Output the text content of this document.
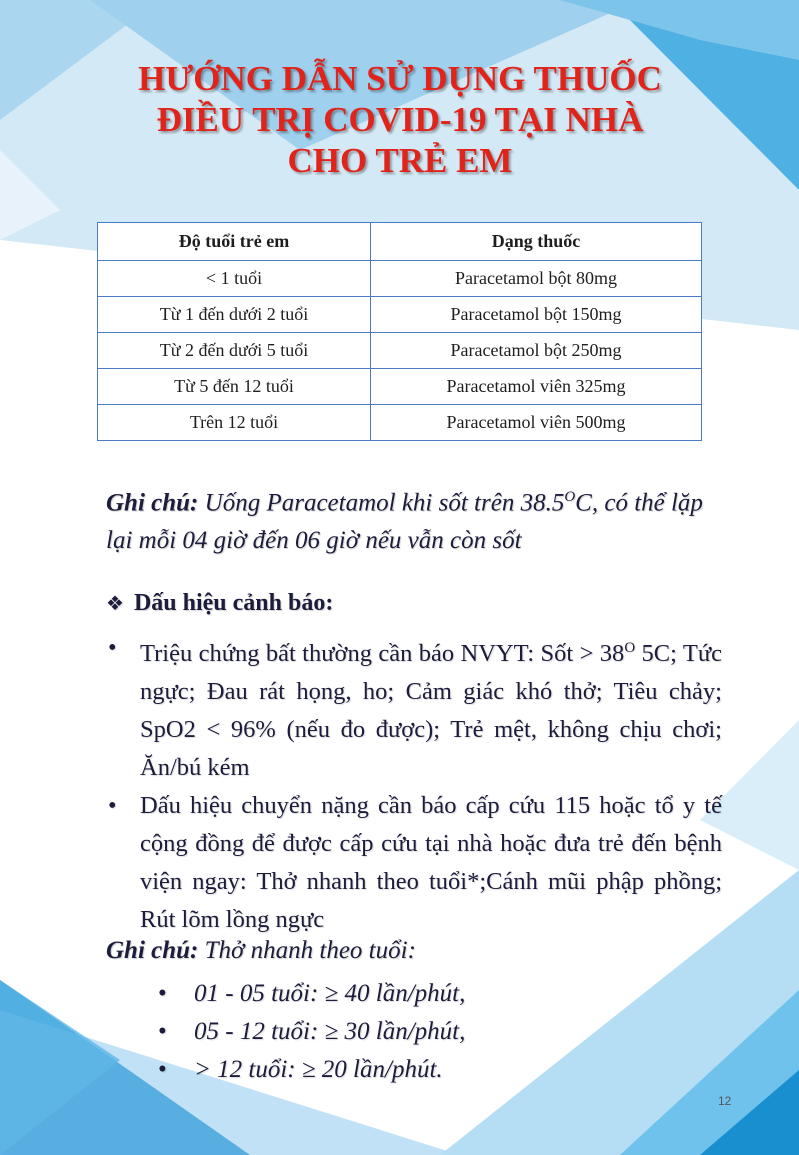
HƯỚNG DẪN SỬ DỤNG THUỐC
ĐIỀU TRỊ COVID-19 TẠI NHÀ
CHO TRẺ EM
Độ tuổi trẻ em	Dạng thuốc
< 1 tuổi	Paracetamol bột 80mg
Từ 1 đến dưới 2 tuổi	Paracetamol bột 150mg
Từ 2 đến dưới 5 tuổi	Paracetamol bột 250mg
Từ 5 đến 12 tuổi	Paracetamol viên 325mg
Trên 12 tuổi	Paracetamol viên 500mg

Ghi chú: Uống Paracetamol khi sốt trên $38.5^OC$, có thể lặp lại mỗi 04 giờ đến 06 giờ nếu vẫn còn sốt

❖ Dấu hiệu cảnh báo:
• Triệu chứng bất thường cần báo NVYT: Sốt > $38^O$ 5C; Tức ngực; Đau rát họng, ho; Cảm giác khó thở; Tiêu chảy; SpO2 < 96% (nếu đo được); Trẻ mệt, không chịu chơi; Ăn/bú kém
• Dấu hiệu chuyển nặng cần báo cấp cứu 115 hoặc tổ y tế cộng đồng để được cấp cứu tại nhà hoặc đưa trẻ đến bệnh viện ngay: Thở nhanh theo tuổi*;Cánh mũi phập phồng; Rút lõm lồng ngực

Ghi chú: Thở nhanh theo tuổi:

• 01 - 05 tuổi: ≥ 40 lần/phút,
• 05 - 12 tuổi: ≥ 30 lần/phút,
• > 12 tuổi: ≥ 20 lần/phút.
12
